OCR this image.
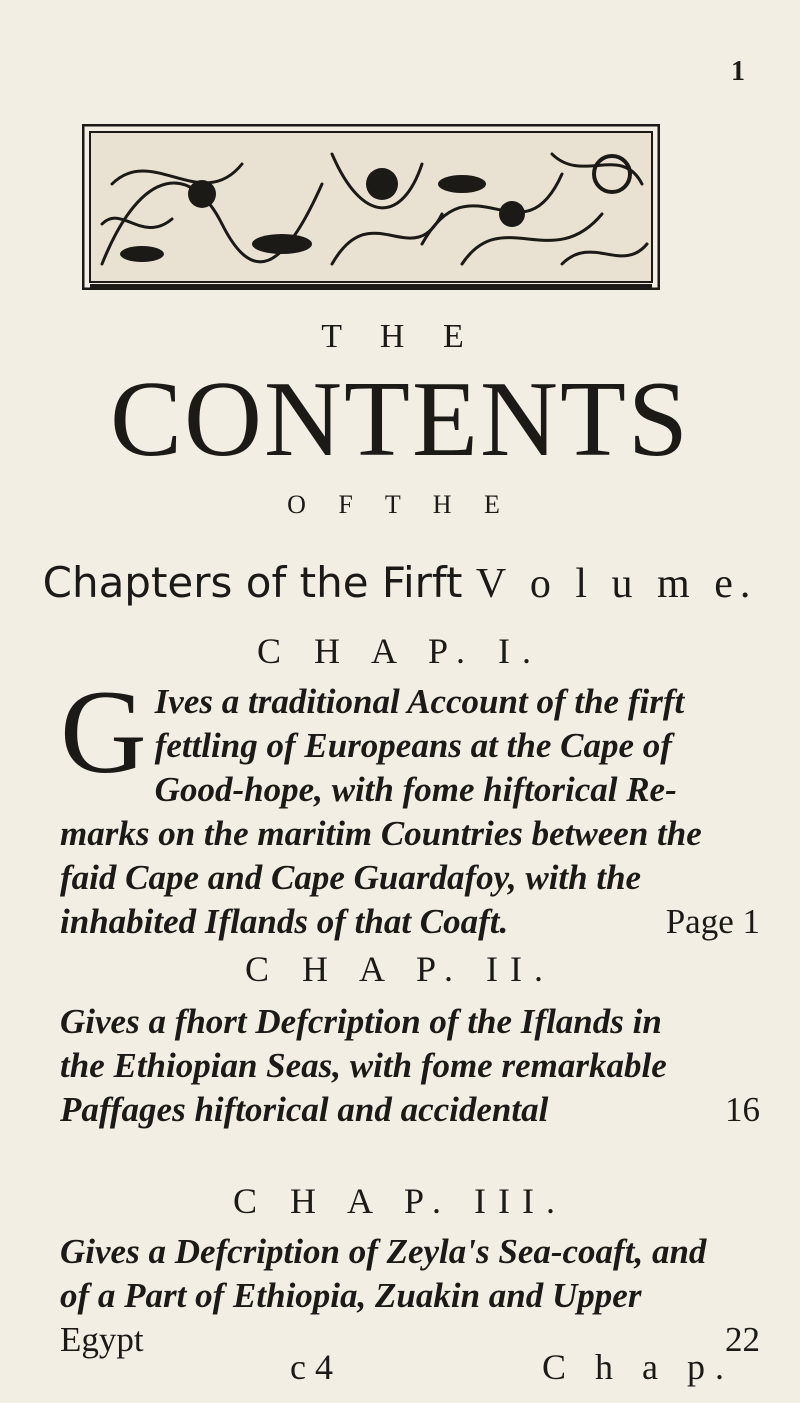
1
T H E
CONTENTS
O F T H E
Chapters of the Firft V o l u m e.
C H A P. I.
G Ives a traditional Account of the firft
fettling of Europeans at the Cape of
Good-hope, with fome hiftorical Re-
marks on the maritim Countries between the
faid Cape and Cape Guardafoy, with the
inhabited Iflands of that Coaft.	Page 1
C H A P. II.
Gives a fhort Defcription of the Iflands in
the Ethiopian Seas, with fome remarkable
Paffages hiftorical and accidental	16
C H A P. III.
Gives a Defcription of Zeyla's Sea-coaft, and
of a Part of Ethiopia, Zuakin and Upper
Egypt	22
c 4	C h a p.
